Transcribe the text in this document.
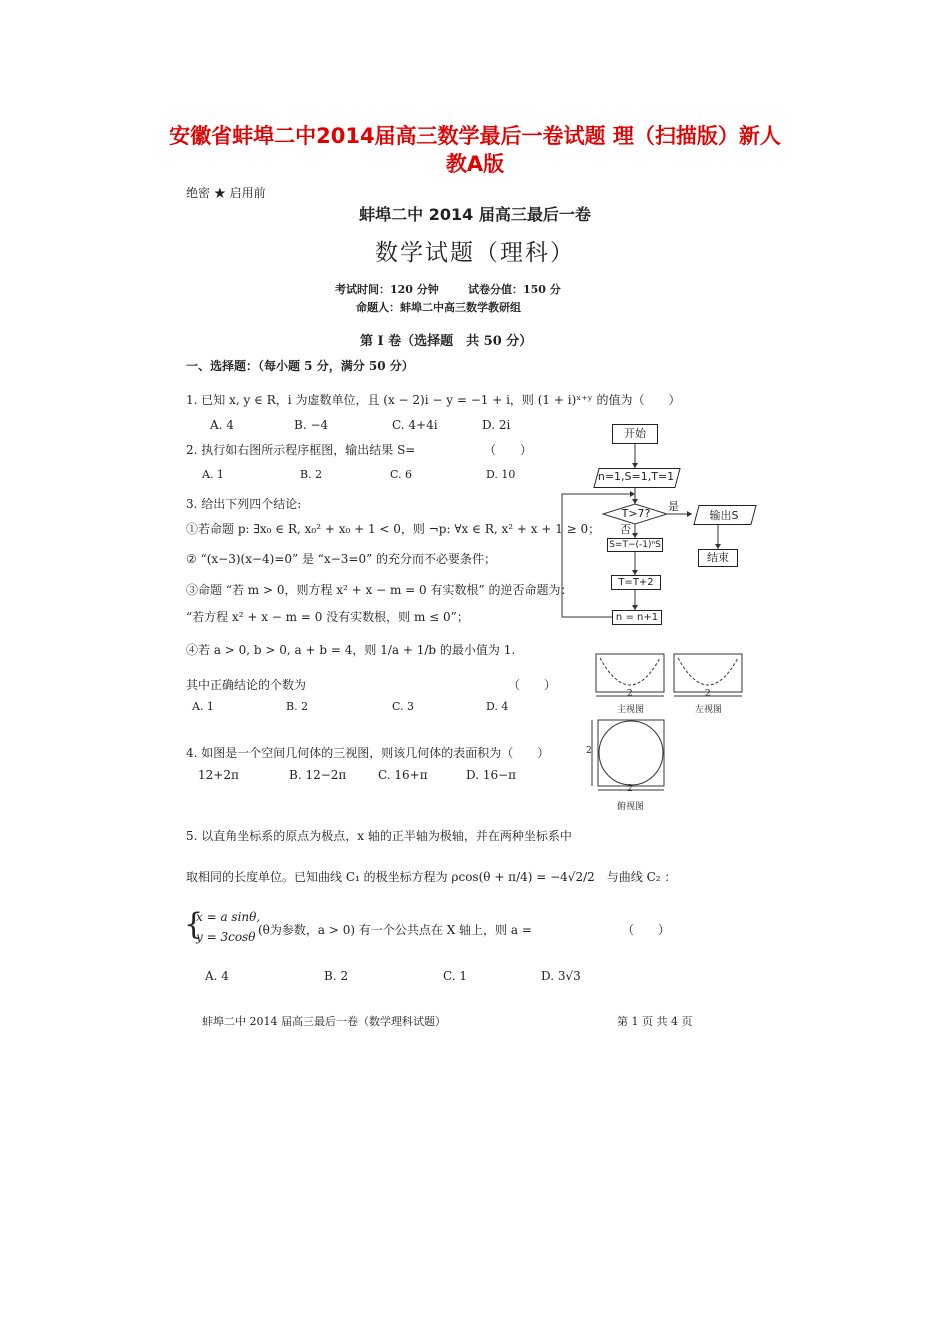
安徽省蚌埠二中2014届高三数学最后一卷试题 理（扫描版）新人
教A版
绝密 ★ 启用前
蚌埠二中 2014 届高三最后一卷
数学试题（理科）
考试时间：120 分钟	试卷分值：150 分
命题人：蚌埠二中高三数学教研组
第 I 卷（选择题　共 50 分）
一、选择题：（每小题 5 分，满分 50 分）
1. 已知 x, y ∈ R，i 为虚数单位，且 (x − 2)i − y = −1 + i，则 (1 + i)ˣ⁺ʸ 的值为（　　）
A. 4	B. −4	C. 4+4i	D. 2i
2. 执行如右图所示程序框图，输出结果 S=	（　　）
A. 1	B. 2	C. 6	D. 10
3. 给出下列四个结论:
①若命题 p: ∃x₀ ∈ R, x₀² + x₀ + 1 < 0，则 ¬p: ∀x ∈ R, x² + x + 1 ≥ 0；
② “(x−3)(x−4)=0” 是 “x−3=0” 的充分而不必要条件；
③命题 “若 m > 0，则方程 x² + x − m = 0 有实数根” 的逆否命题为：
“若方程 x² + x − m = 0 没有实数根，则 m ≤ 0”；
④若 a > 0, b > 0, a + b = 4，则 1/a + 1/b 的最小值为 1.
其中正确结论的个数为	（　　）
A. 1	B. 2	C. 3	D. 4
4. 如图是一个空间几何体的三视图，则该几何体的表面积为（　　）
12+2π	B. 12−2π	C. 16+π	D. 16−π
5. 以直角坐标系的原点为极点，x 轴的正半轴为极轴，并在两种坐标系中
取相同的长度单位。已知曲线 C₁ 的极坐标方程为 ρcos(θ + π/4) = −4√2/2　与曲线 C₂ ：
{
x = a sinθ,
y = 3cosθ (θ为参数，a > 0) 有一个公共点在 X 轴上，则 a =	（　　）
A. 4	B. 2	C. 1	D. 3√3
开始
n=1,S=1,T=1
T>7?
是
否
输出S
结束
S=T−(-1)ⁿS
T=T+2
n = n+1
2	2
2
2
主视图	左视图
俯视图
蚌埠二中 2014 届高三最后一卷（数学理科试题）	第 1 页 共 4 页
